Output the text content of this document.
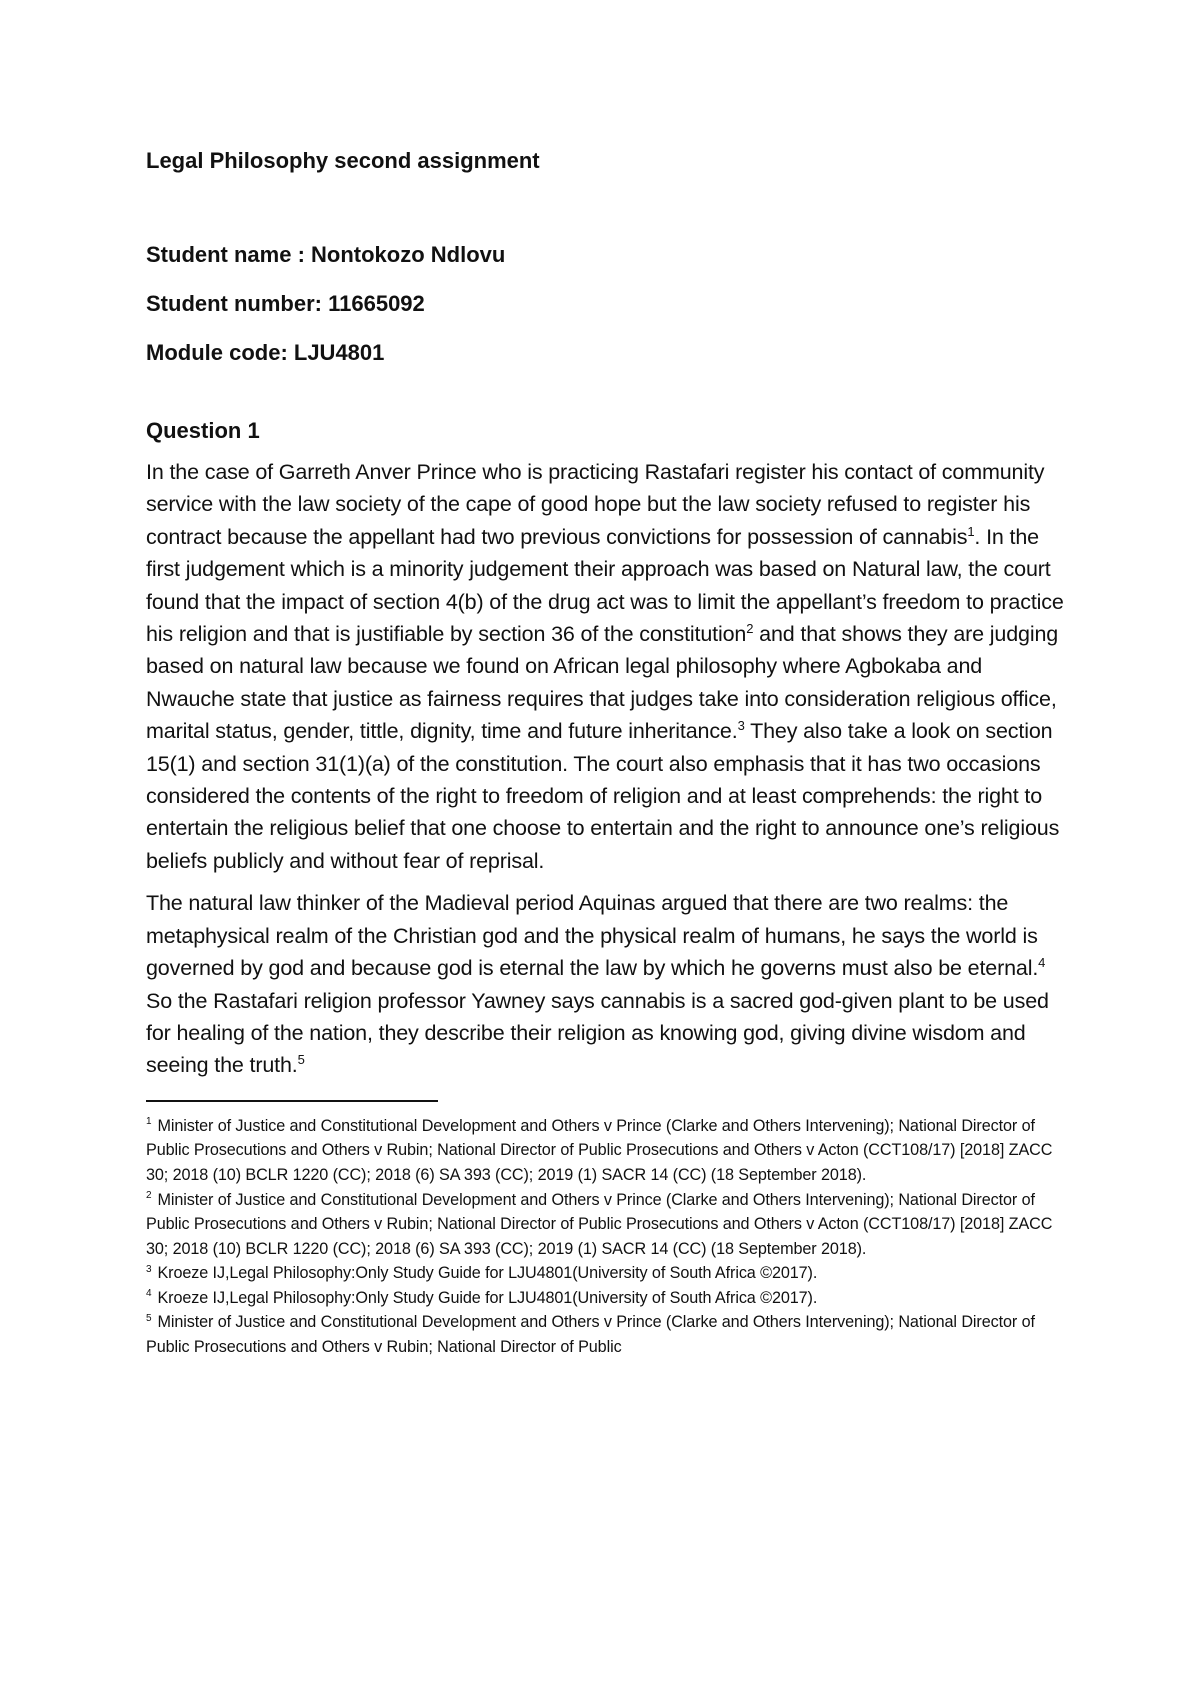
Legal Philosophy second assignment

Student name : Nontokozo Ndlovu

Student number: 11665092

Module code: LJU4801

Question 1

In the case of Garreth Anver Prince who is practicing Rastafari register his contact of community service with the law society of the cape of good hope but the law society refused to register his contract because the appellant had two previous convictions for possession of cannabis$^1$. In the first judgement which is a minority judgement their approach was based on Natural law, the court found that the impact of section 4(b) of the drug act was to limit the appellant’s freedom to practice his religion and that is justifiable by section 36 of the constitution$^2$ and that shows they are judging based on natural law because we found on African legal philosophy where Agbokaba and Nwauche state that justice as fairness requires that judges take into consideration religious office, marital status, gender, tittle, dignity, time and future inheritance.$^3$ They also take a look on section 15(1) and section 31(1)(a) of the constitution. The court also emphasis that it has two occasions considered the contents of the right to freedom of religion and at least comprehends: the right to entertain the religious belief that one choose to entertain and the right to announce one’s religious beliefs publicly and without fear of reprisal.

The natural law thinker of the Madieval period Aquinas argued that there are two realms: the metaphysical realm of the Christian god and the physical realm of humans, he says the world is governed by god and because god is eternal the law by which he governs must also be eternal.$^4$ So the Rastafari religion professor Yawney says cannabis is a sacred god-given plant to be used for healing of the nation, they describe their religion as knowing god, giving divine wisdom and seeing the truth.$^5$

$^1$ Minister of Justice and Constitutional Development and Others v Prince (Clarke and Others Intervening); National Director of Public Prosecutions and Others v Rubin; National Director of Public Prosecutions and Others v Acton (CCT108/17) [2018] ZACC 30; 2018 (10) BCLR 1220 (CC); 2018 (6) SA 393 (CC); 2019 (1) SACR 14 (CC) (18 September 2018).

$^2$ Minister of Justice and Constitutional Development and Others v Prince (Clarke and Others Intervening); National Director of Public Prosecutions and Others v Rubin; National Director of Public Prosecutions and Others v Acton (CCT108/17) [2018] ZACC 30; 2018 (10) BCLR 1220 (CC); 2018 (6) SA 393 (CC); 2019 (1) SACR 14 (CC) (18 September 2018).

$^3$ Kroeze IJ,Legal Philosophy:Only Study Guide for LJU4801(University of South Africa ©2017).

$^4$ Kroeze IJ,Legal Philosophy:Only Study Guide for LJU4801(University of South Africa ©2017).

$^5$ Minister of Justice and Constitutional Development and Others v Prince (Clarke and Others Intervening); National Director of Public Prosecutions and Others v Rubin; National Director of Public
